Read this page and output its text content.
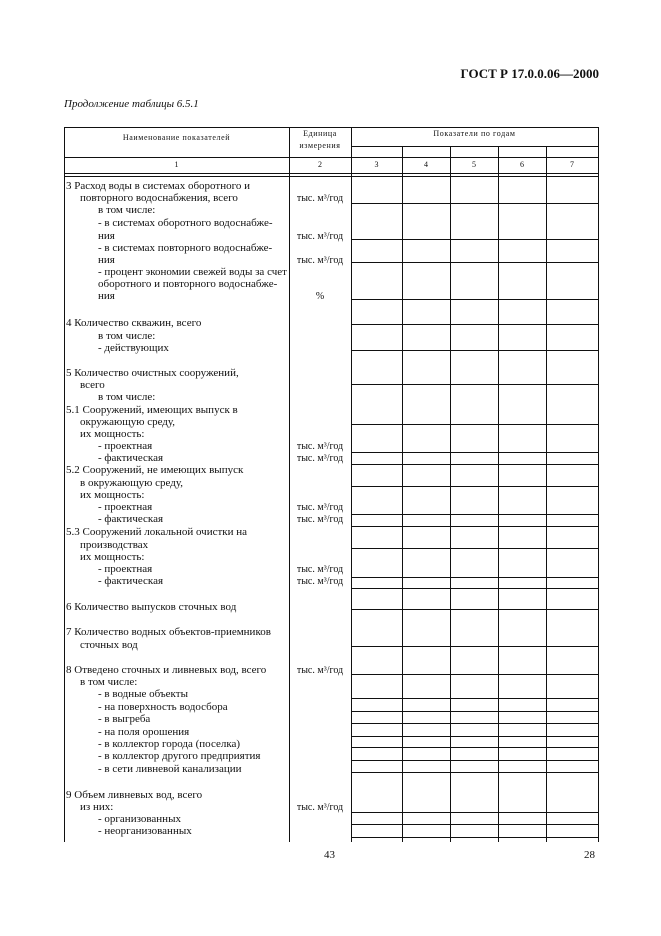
ГОСТ Р 17.0.0.06—2000
Продолжение таблицы 6.5.1
Наименование показателей	Единица
измерения
Показатели по годам
1	2	3	4	5	6	7
3 Расход воды в системах оборотного и
повторного водоснабжения, всего	тыс. м³/год
в том числе:
- в системах оборотного водоснабже-
ния	тыс. м³/год
- в системах повторного водоснабже-
ния	тыс. м³/год
- процент экономии свежей воды за счет
оборотного и повторного водоснабже-
ния	%
4 Количество скважин, всего
в том числе:
- действующих
5 Количество очистных сооружений,
всего
в том числе:
5.1 Сооружений, имеющих выпуск в
окружающую среду,
их мощность:
- проектная	тыс. м³/год
- фактическая	тыс. м³/год
5.2 Сооружений, не имеющих выпуск
в окружающую среду,
их мощность:
- проектная	тыс. м³/год
- фактическая	тыс. м³/год
5.3 Сооружений локальной очистки на
производствах
их мощность:
- проектная	тыс. м³/год
- фактическая	тыс. м³/год
6 Количество выпусков сточных вод
7 Количество водных объектов-приемников
сточных вод
8 Отведено сточных и ливневых вод, всего	тыс. м³/год
в том числе:
- в водные объекты
- на поверхность водосбора
- в выгреба
- на поля орошения
- в коллектор города (поселка)
- в коллектор другого предприятия
- в сети ливневой канализации
9 Объем ливневых вод, всего
из них:	тыс. м³/год
- организованных
- неорганизованных
43	28
